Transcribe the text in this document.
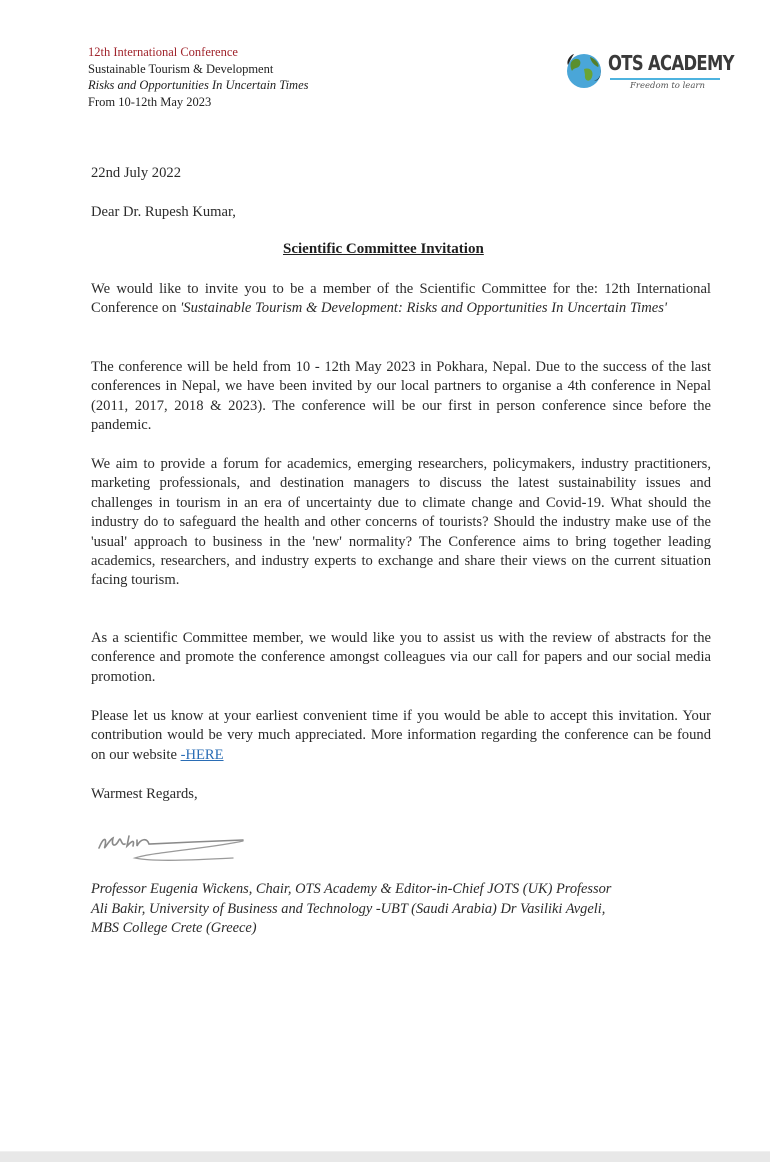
12th International Conference
Sustainable Tourism & Development
Risks and Opportunities In Uncertain Times
From 10-12th May 2023
OTS ACADEMY
Freedom to learn
22nd July 2022
Dear Dr. Rupesh Kumar,
Scientific Committee Invitation

We would like to invite you to be a member of the Scientific Committee for the: 12th International Conference on 'Sustainable Tourism & Development: Risks and Opportunities In Uncertain Times'

The conference will be held from 10 - 12th May 2023 in Pokhara, Nepal. Due to the success of the last conferences in Nepal, we have been invited by our local partners to organise a 4th conference in Nepal (2011, 2017, 2018 & 2023). The conference will be our first in person conference since before the pandemic.

We aim to provide a forum for academics, emerging researchers, policymakers, industry practitioners, marketing professionals, and destination managers to discuss the latest sustainability issues and challenges in tourism in an era of uncertainty due to climate change and Covid-19. What should the industry do to safeguard the health and other concerns of tourists? Should the industry make use of the 'usual' approach to business in the 'new' normality? The Conference aims to bring together leading academics, researchers, and industry experts to exchange and share their views on the current situation facing tourism.

As a scientific Committee member, we would like you to assist us with the review of abstracts for the conference and promote the conference amongst colleagues via our call for papers and our social media promotion.

Please let us know at your earliest convenient time if you would be able to accept this invitation. Your contribution would be very much appreciated. More information regarding the conference can be found on our website -HERE

Warmest Regards,
Professor Eugenia Wickens, Chair, OTS Academy & Editor-in-Chief JOTS (UK) Professor Ali Bakir, University of Business and Technology -UBT (Saudi Arabia) Dr Vasiliki Avgeli, MBS College Crete (Greece)
